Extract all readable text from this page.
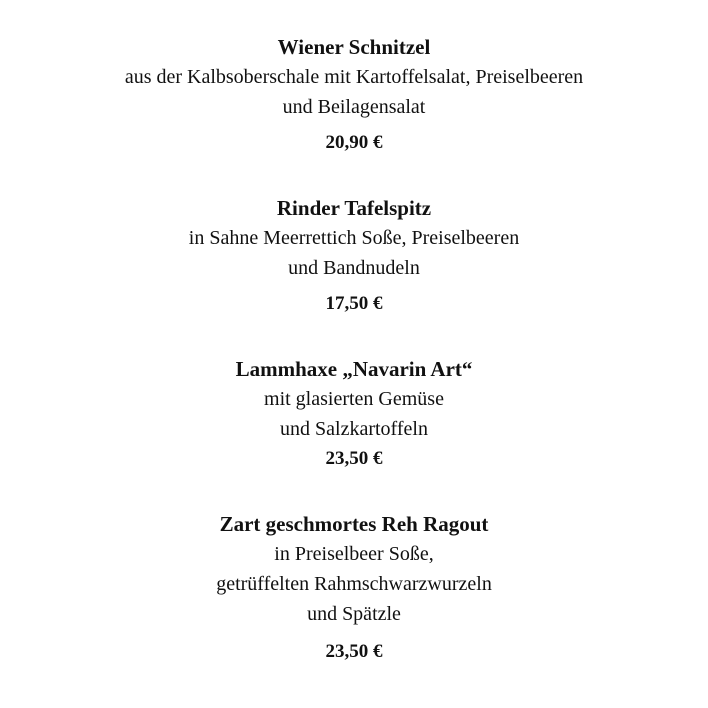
Wiener Schnitzel

aus der Kalbsoberschale mit Kartoffelsalat, Preiselbeeren

und Beilagensalat

20,90 €

Rinder Tafelspitz

in Sahne Meerrettich Soße, Preiselbeeren

und Bandnudeln

17,50 €

Lammhaxe „Navarin Art“

mit glasierten Gemüse

und Salzkartoffeln

23,50 €

Zart geschmortes Reh Ragout

in Preiselbeer Soße,

getrüffelten Rahmschwarzwurzeln

und Spätzle

23,50 €
